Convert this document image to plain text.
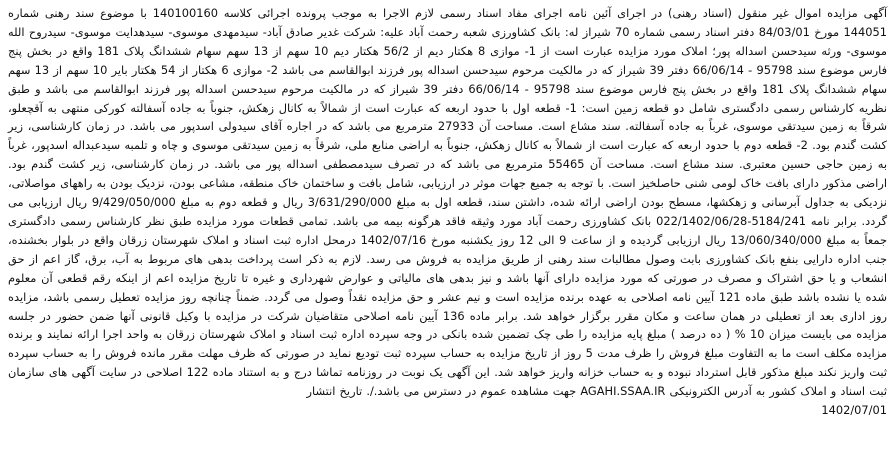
آگهی مزایده اموال غیر منقول (اسناد رهنی) در اجرای آئین نامه اجرای مفاد اسناد رسمی لازم الاجرا به موجب پرونده اجرائی کلاسه 140100160 با موضوع سند رهنی شماره 144051 مورخ 84/03/01 دفتر اسناد رسمی شماره 70 شیراز له: بانک کشاورزی شعبه رحمت آباد علیه: شرکت غدیر صادق آباد- سیدمهدی موسوی- سیدهدایت موسوی- سیدروح الله موسوی- ورثه سیدحسن اسداله پور؛ املاک مورد مزایده عبارت است از 1- موازی 8 هکتار دیم از 56/2 هکتار دیم 10 سهم از 13 سهم سهام ششدانگ پلاک 181 واقع در بخش پنج فارس موضوع سند 95798 - 66/06/14 دفتر 39 شیراز که در مالکیت مرحوم سیدحسن اسداله پور فرزند ابوالقاسم می باشد 2- موازی 6 هکتار از 54 هکتار بایر 10 سهم از 13 سهم سهام ششدانگ پلاک 181 واقع در بخش پنج فارس موضوع سند 95798 - 66/06/14 دفتر 39 شیراز که در مالکیت مرحوم سیدحسن اسداله پور فرزند ابوالقاسم می باشد و طبق نظریه کارشناس رسمی دادگستری شامل دو قطعه زمین است: 1- قطعه اول با حدود اربعه که عبارت است از شمالاً به کانال زهکش، جنوباً به جاده آسفالته کورکی منتهی به آقچعلو، شرقاً به زمین سیدتقی موسوی، غرباً به جاده آسفالته. سند مشاع است. مساحت آن 27933 مترمربع می باشد که در اجاره آقای سیدولی اسدپور می باشد. در زمان کارشناسی، زیر کشت گندم بود. 2- قطعه دوم با حدود اربعه که عبارت است از شمالاً به کانال زهکش، جنوباً به اراضی منابع ملی، شرقاً به زمین سیدتقی موسوی و چاه و تلمبه سیدعبداله اسدپور، غرباً به زمین حاجی حسین معتبری. سند مشاع است. مساحت آن 55465 مترمربع می باشد که در تصرف سیدمصطفی اسداله پور می باشد. در زمان کارشناسی، زیر کشت گندم بود. اراضی مذکور دارای بافت خاک لومی شنی حاصلخیز است. با توجه به جمیع جهات موثر در ارزیابی، شامل بافت و ساختمان خاک منطقه، مشاعی بودن، نزدیک بودن به راههای مواصلاتی، نزدیکی به جداول آبرسانی و زهکشها، مسطح بودن اراضی ارائه شده، داشتن سند، قطعه اول به مبلغ 3/631/290/000 ریال و قطعه دوم به مبلغ 9/429/050/000 ریال ارزیابی می گردد. برابر نامه 5184/241-022/1402/06/28 بانک کشاورزی رحمت آباد مورد وثیقه فاقد هرگونه بیمه می باشد. تمامی قطعات مورد مزایده طبق نظر کارشناس رسمی دادگستری جمعاً به مبلغ 13/060/340/000 ریال ارزیابی گردیده و از ساعت 9 الی 12 روز یکشنبه مورخ 1402/07/16 درمحل اداره ثبت اسناد و املاک شهرستان زرقان واقع در بلوار بخشنده، جنب اداره دارایی بنفع بانک کشاورزی بابت وصول مطالبات سند رهنی از طریق مزایده به فروش می رسد. لازم به ذکر است پرداخت بدهی های مربوط به آب، برق، گاز اعم از حق انشعاب و یا حق اشتراک و مصرف در صورتی که مورد مزایده دارای آنها باشد و نیز بدهی های مالیاتی و عوارض شهرداری و غیره تا تاریخ مزایده اعم از اینکه رقم قطعی آن معلوم شده یا نشده باشد طبق ماده 121 آیین نامه اصلاحی به عهده برنده مزایده است و نیم عشر و حق مزایده نقداً وصول می گردد. ضمناً چنانچه روز مزایده تعطیل رسمی باشد، مزایده روز اداری بعد از تعطیلی در همان ساعت و مکان مقرر برگزار خواهد شد. برابر ماده 136 آیین نامه اصلاحی متقاضیان شرکت در مزایده با وکیل قانونی آنها ضمن حضور در جلسه مزایده می بایست میزان 10 % ( ده درصد ) مبلغ پایه مزایده را طی چک تضمین شده بانکی در وجه سپرده اداره ثبت اسناد و املاک شهرستان زرقان به واحد اجرا ارائه نمایند و برنده مزایده مکلف است ما به التفاوت مبلغ فروش را ظرف مدت 5 روز از تاریخ مزایده به حساب سپرده ثبت تودیع نماید در صورتی که ظرف مهلت مقرر مانده فروش را به حساب سپرده ثبت واریز نکند مبلغ مذکور قابل استرداد نبوده و به حساب خزانه واریز خواهد شد. این آگهی یک نوبت در روزنامه تماشا درج و به استناد ماده 122 اصلاحی در سایت آگهی های سازمان ثبت اسناد و املاک کشور به آدرس الکترونیکی AGAHI.SSAA.IR جهت مشاهده عموم در دسترس می باشد./. تاریخ انتشار

1402/07/01
